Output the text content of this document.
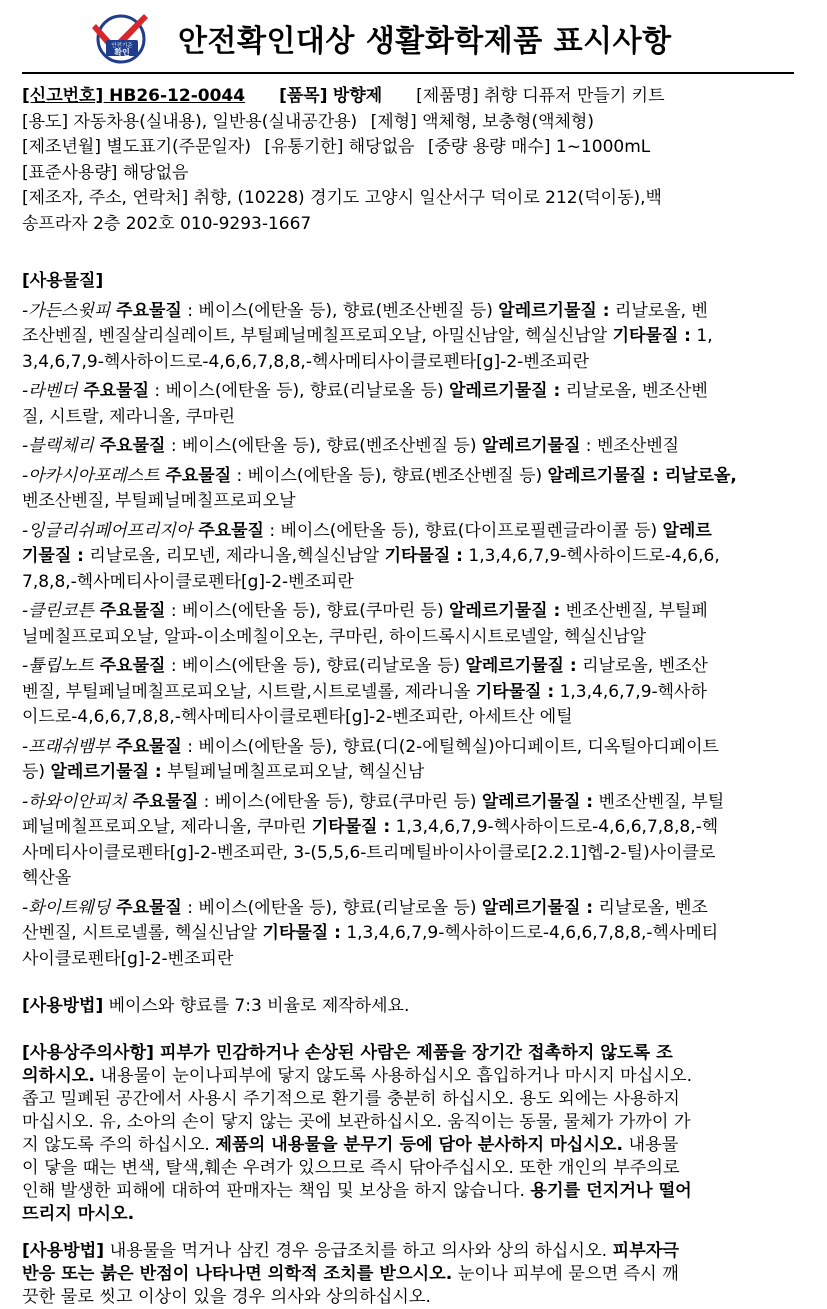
안전기준
확인 안전확인대상 생활화학제품 표시사항
[신고번호] HB26-12-0044 [품목] 방향제 [제품명] 취향 디퓨저 만들기 키트
[용도] 자동차용(실내용), 일반용(실내공간용) [제형] 액체형, 보충형(액체형)
[제조년월] 별도표기(주문일자) [유통기한] 해당없음 [중량 용량 매수] 1~1000mL
[표준사용량] 해당없음
[제조자, 주소, 연락처] 취향, (10228) 경기도 고양시 일산서구 덕이로 212(덕이동),백
송프라자 2층 202호 010-9293-1667
[사용물질]
-가든스윗피 주요물질 : 베이스(에탄올 등), 향료(벤조산벤질 등) 알레르기물질 : 리날로올, 벤
조산벤질, 벤질살리실레이트, 부틸페닐메칠프로피오날, 아밀신남알, 헥실신남알 기타물질 : 1,
3,4,6,7,9-헥사하이드로-4,6,6,7,8,8,-헥사메티사이클로펜타[g]-2-벤조피란
-라벤더 주요물질 : 베이스(에탄올 등), 향료(리날로올 등) 알레르기물질 : 리날로올, 벤조산벤
질, 시트랄, 제라니올, 쿠마린
-블랙체리 주요물질 : 베이스(에탄올 등), 향료(벤조산벤질 등) 알레르기물질 : 벤조산벤질
-아카시아포레스트 주요물질 : 베이스(에탄올 등), 향료(벤조산벤질 등) 알레르기물질 : 리날로올,
벤조산벤질, 부틸페닐메칠프로피오날
-잉글리쉬페어프리지아 주요물질 : 베이스(에탄올 등), 향료(다이프로필렌글라이콜 등) 알레르
기물질 : 리날로올, 리모넨, 제라니올,헥실신남알 기타물질 : 1,3,4,6,7,9-헥사하이드로-4,6,6,
7,8,8,-헥사메티사이클로펜타[g]-2-벤조피란
-클린코튼 주요물질 : 베이스(에탄올 등), 향료(쿠마린 등) 알레르기물질 : 벤조산벤질, 부틸페
닐메칠프로피오날, 알파-이소메칠이오논, 쿠마린, 하이드록시시트로넬알, 헥실신남알
-튤립노트 주요물질 : 베이스(에탄올 등), 향료(리날로올 등) 알레르기물질 : 리날로올, 벤조산
벤질, 부틸페닐메칠프로피오날, 시트랄,시트로넬롤, 제라니올 기타물질 : 1,3,4,6,7,9-헥사하
이드로-4,6,6,7,8,8,-헥사메티사이클로펜타[g]-2-벤조피란, 아세트산 에틸
-프래쉬뱀부 주요물질 : 베이스(에탄올 등), 향료(디(2-에틸헥실)아디페이트, 디옥틸아디페이트
등) 알레르기물질 : 부틸페닐메칠프로피오날, 헥실신남
-하와이안피치 주요물질 : 베이스(에탄올 등), 향료(쿠마린 등) 알레르기물질 : 벤조산벤질, 부틸
페닐메칠프로피오날, 제라니올, 쿠마린 기타물질 : 1,3,4,6,7,9-헥사하이드로-4,6,6,7,8,8,-헥
사메티사이클로펜타[g]-2-벤조피란, 3-(5,5,6-트리메틸바이사이클로[2.2.1]헵-2-틸)사이클로
헥산올
-화이트웨딩 주요물질 : 베이스(에탄올 등), 향료(리날로올 등) 알레르기물질 : 리날로올, 벤조
산벤질, 시트로넬롤, 헥실신남알 기타물질 : 1,3,4,6,7,9-헥사하이드로-4,6,6,7,8,8,-헥사메티
사이클로펜타[g]-2-벤조피란
[사용방법] 베이스와 향료를 7:3 비율로 제작하세요.
[사용상주의사항] 피부가 민감하거나 손상된 사람은 제품을 장기간 접촉하지 않도록 조
의하시오. 내용물이 눈이나피부에 닿지 않도록 사용하십시오 흡입하거나 마시지 마십시오.
좁고 밀폐된 공간에서 사용시 주기적으로 환기를 충분히 하십시오. 용도 외에는 사용하지
마십시오. 유, 소아의 손이 닿지 않는 곳에 보관하십시오. 움직이는 동물, 물체가 가까이 가
지 않도록 주의 하십시오. 제품의 내용물을 분무기 등에 담아 분사하지 마십시오. 내용물
이 닿을 때는 변색, 탈색,훼손 우려가 있으므로 즉시 닦아주십시오. 또한 개인의 부주의로
인해 발생한 피해에 대하여 판매자는 책임 및 보상을 하지 않습니다. 용기를 던지거나 떨어
뜨리지 마시오.
[사용방법] 내용물을 먹거나 삼킨 경우 응급조치를 하고 의사와 상의 하십시오. 피부자극
반응 또는 붉은 반점이 나타나면 의학적 조치를 받으시오. 눈이나 피부에 묻으면 즉시 깨
끗한 물로 씻고 이상이 있을 경우 의사와 상의하십시오.
